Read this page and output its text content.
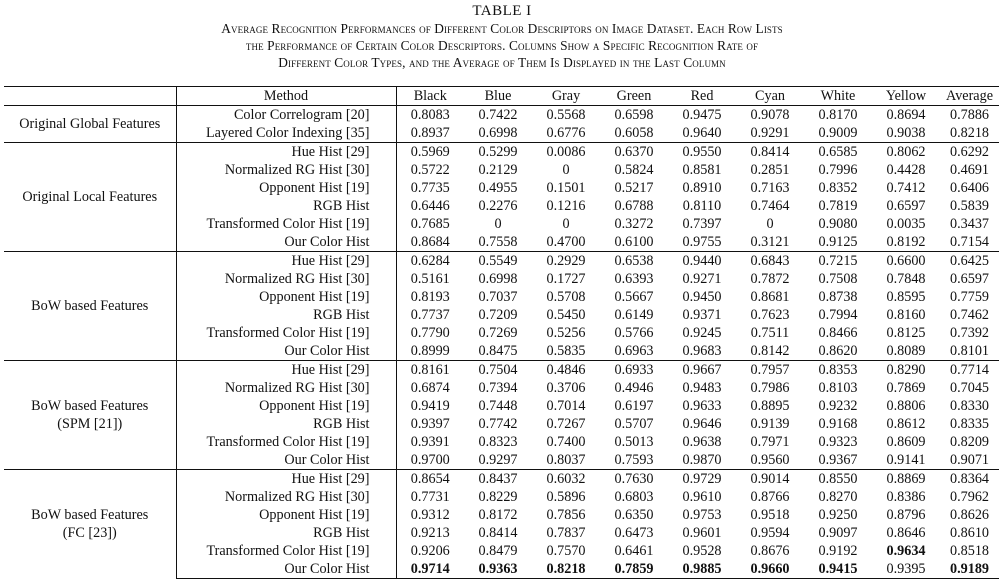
TABLE I
Average Recognition Performances of Different Color Descriptors on Image Dataset. Each Row Lists
the Performance of Certain Color Descriptors. Columns Show a Specific Recognition Rate of
Different Color Types, and the Average of Them Is Displayed in the Last Column
	Method	Black	Blue	Gray	Green	Red	Cyan	White	Yellow	Average

Original Global Features	Color Correlogram [20]	0.8083	0.7422	0.5568	0.6598	0.9475	0.9078	0.8170	0.8694	0.7886
	Layered Color Indexing [35]	0.8937	0.6998	0.6776	0.6058	0.9640	0.9291	0.9009	0.9038	0.8218

Original Local Features	Hue Hist [29]	0.5969	0.5299	0.0086	0.6370	0.9550	0.8414	0.6585	0.8062	0.6292
	Normalized RG Hist [30]	0.5722	0.2129	0	0.5824	0.8581	0.2851	0.7996	0.4428	0.4691
	Opponent Hist [19]	0.7735	0.4955	0.1501	0.5217	0.8910	0.7163	0.8352	0.7412	0.6406
	RGB Hist	0.6446	0.2276	0.1216	0.6788	0.8110	0.7464	0.7819	0.6597	0.5839
	Transformed Color Hist [19]	0.7685	0	0	0.3272	0.7397	0	0.9080	0.0035	0.3437
	Our Color Hist	0.8684	0.7558	0.4700	0.6100	0.9755	0.3121	0.9125	0.8192	0.7154

BoW based Features	Hue Hist [29]	0.6284	0.5549	0.2929	0.6538	0.9440	0.6843	0.7215	0.6600	0.6425
	Normalized RG Hist [30]	0.5161	0.6998	0.1727	0.6393	0.9271	0.7872	0.7508	0.7848	0.6597
	Opponent Hist [19]	0.8193	0.7037	0.5708	0.5667	0.9450	0.8681	0.8738	0.8595	0.7759
	RGB Hist	0.7737	0.7209	0.5450	0.6149	0.9371	0.7623	0.7994	0.8160	0.7462
	Transformed Color Hist [19]	0.7790	0.7269	0.5256	0.5766	0.9245	0.7511	0.8466	0.8125	0.7392
	Our Color Hist	0.8999	0.8475	0.5835	0.6963	0.9683	0.8142	0.8620	0.8089	0.8101

BoW based Features
(SPM [21])	Hue Hist [29]	0.8161	0.7504	0.4846	0.6933	0.9667	0.7957	0.8353	0.8290	0.7714
	Normalized RG Hist [30]	0.6874	0.7394	0.3706	0.4946	0.9483	0.7986	0.8103	0.7869	0.7045
	Opponent Hist [19]	0.9419	0.7448	0.7014	0.6197	0.9633	0.8895	0.9232	0.8806	0.8330
	RGB Hist	0.9397	0.7742	0.7267	0.5707	0.9646	0.9139	0.9168	0.8612	0.8335
	Transformed Color Hist [19]	0.9391	0.8323	0.7400	0.5013	0.9638	0.7971	0.9323	0.8609	0.8209
	Our Color Hist	0.9700	0.9297	0.8037	0.7593	0.9870	0.9560	0.9367	0.9141	0.9071

BoW based Features
(FC [23])	Hue Hist [29]	0.8654	0.8437	0.6032	0.7630	0.9729	0.9014	0.8550	0.8869	0.8364
	Normalized RG Hist [30]	0.7731	0.8229	0.5896	0.6803	0.9610	0.8766	0.8270	0.8386	0.7962
	Opponent Hist [19]	0.9312	0.8172	0.7856	0.6350	0.9753	0.9518	0.9250	0.8796	0.8626
	RGB Hist	0.9213	0.8414	0.7837	0.6473	0.9601	0.9594	0.9097	0.8646	0.8610
	Transformed Color Hist [19]	0.9206	0.8479	0.7570	0.6461	0.9528	0.8676	0.9192	0.9634	0.8518
	Our Color Hist	0.9714	0.9363	0.8218	0.7859	0.9885	0.9660	0.9415	0.9395	0.9189
